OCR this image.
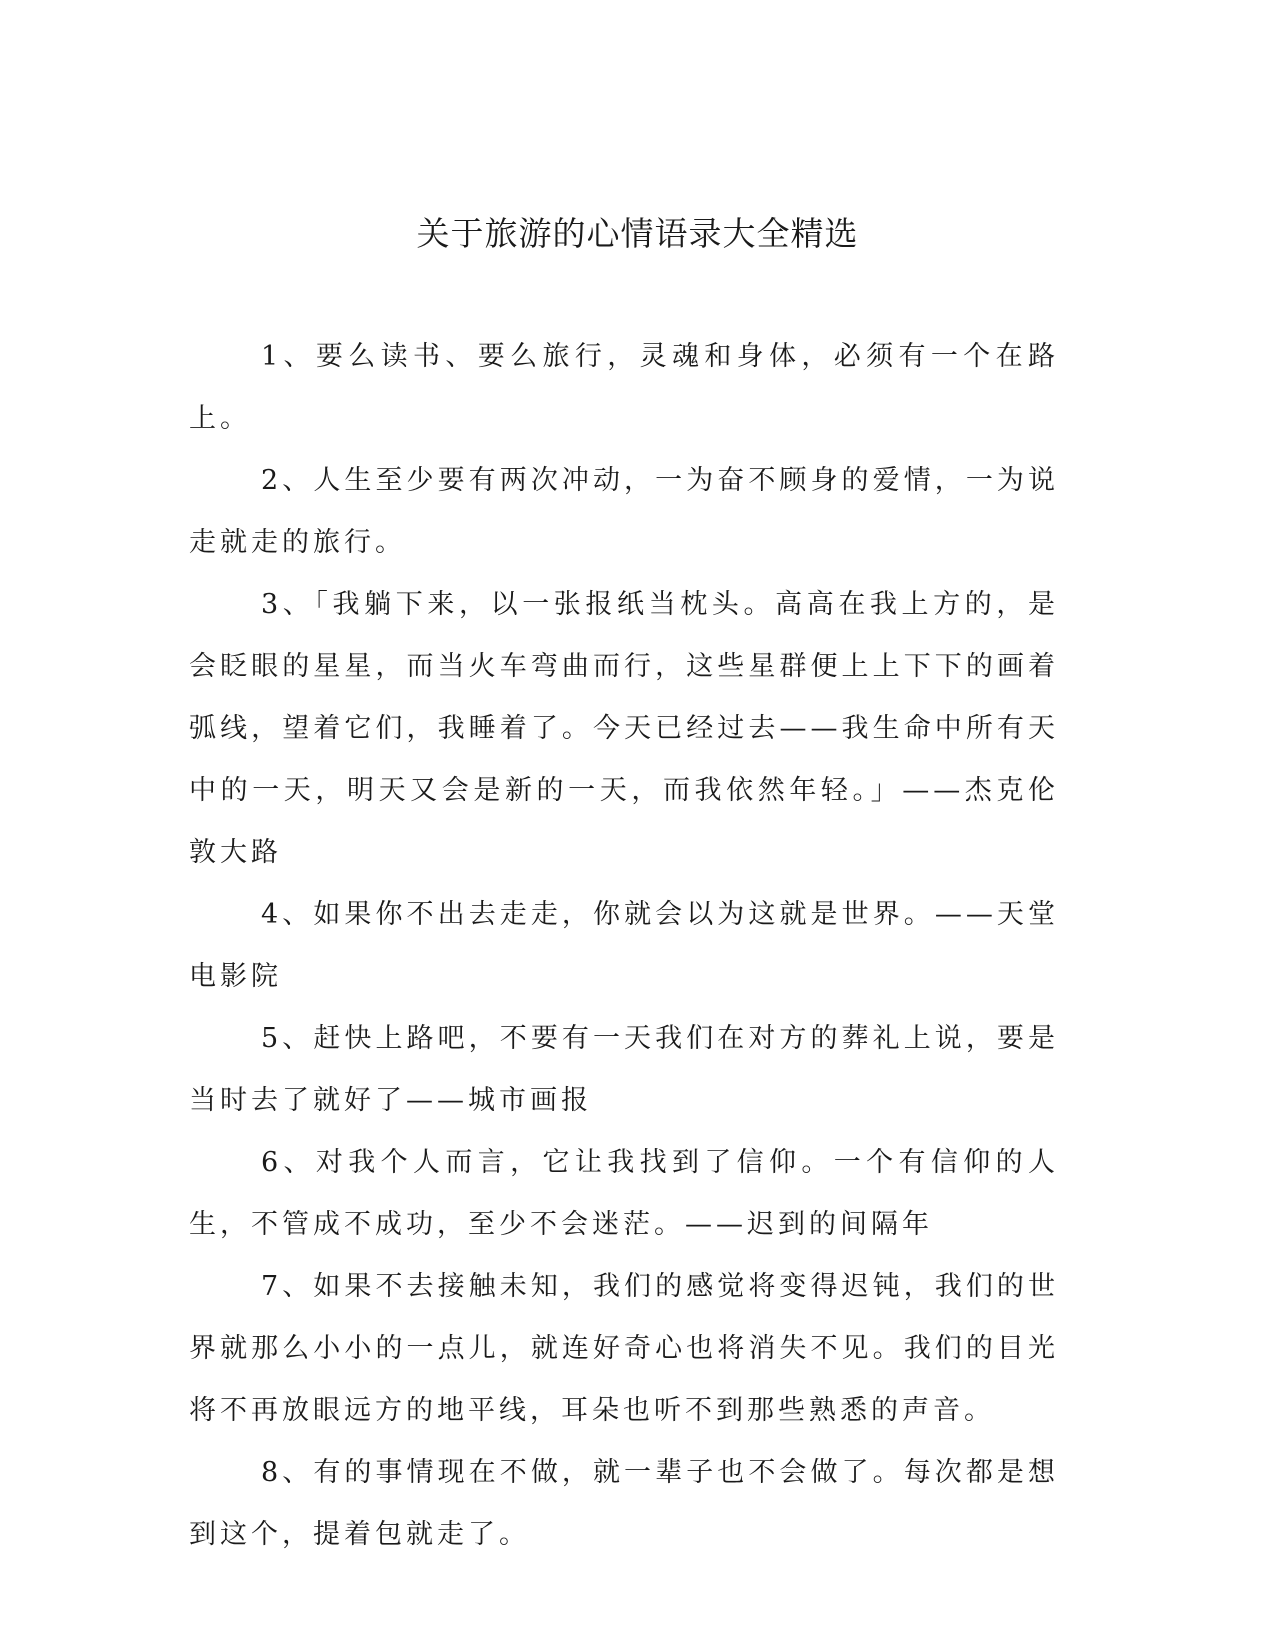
关于旅游的心情语录大全精选

1、要么读书、要么旅行，灵魂和身体，必须有一个在路上。

2、人生至少要有两次冲动，一为奋不顾身的爱情，一为说走就走的旅行。

3、「我躺下来，以一张报纸当枕头。高高在我上方的，是会眨眼的星星，而当火车弯曲而行，这些星群便上上下下的画着弧线，望着它们，我睡着了。今天已经过去——我生命中所有天中的一天，明天又会是新的一天，而我依然年轻。」——杰克伦敦大路

4、如果你不出去走走，你就会以为这就是世界。——天堂电影院

5、赶快上路吧，不要有一天我们在对方的葬礼上说，要是当时去了就好了——城市画报

6、对我个人而言，它让我找到了信仰。一个有信仰的人生，不管成不成功，至少不会迷茫。——迟到的间隔年

7、如果不去接触未知，我们的感觉将变得迟钝，我们的世界就那么小小的一点儿，就连好奇心也将消失不见。我们的目光将不再放眼远方的地平线，耳朵也听不到那些熟悉的声音。

8、有的事情现在不做，就一辈子也不会做了。每次都是想到这个，提着包就走了。
